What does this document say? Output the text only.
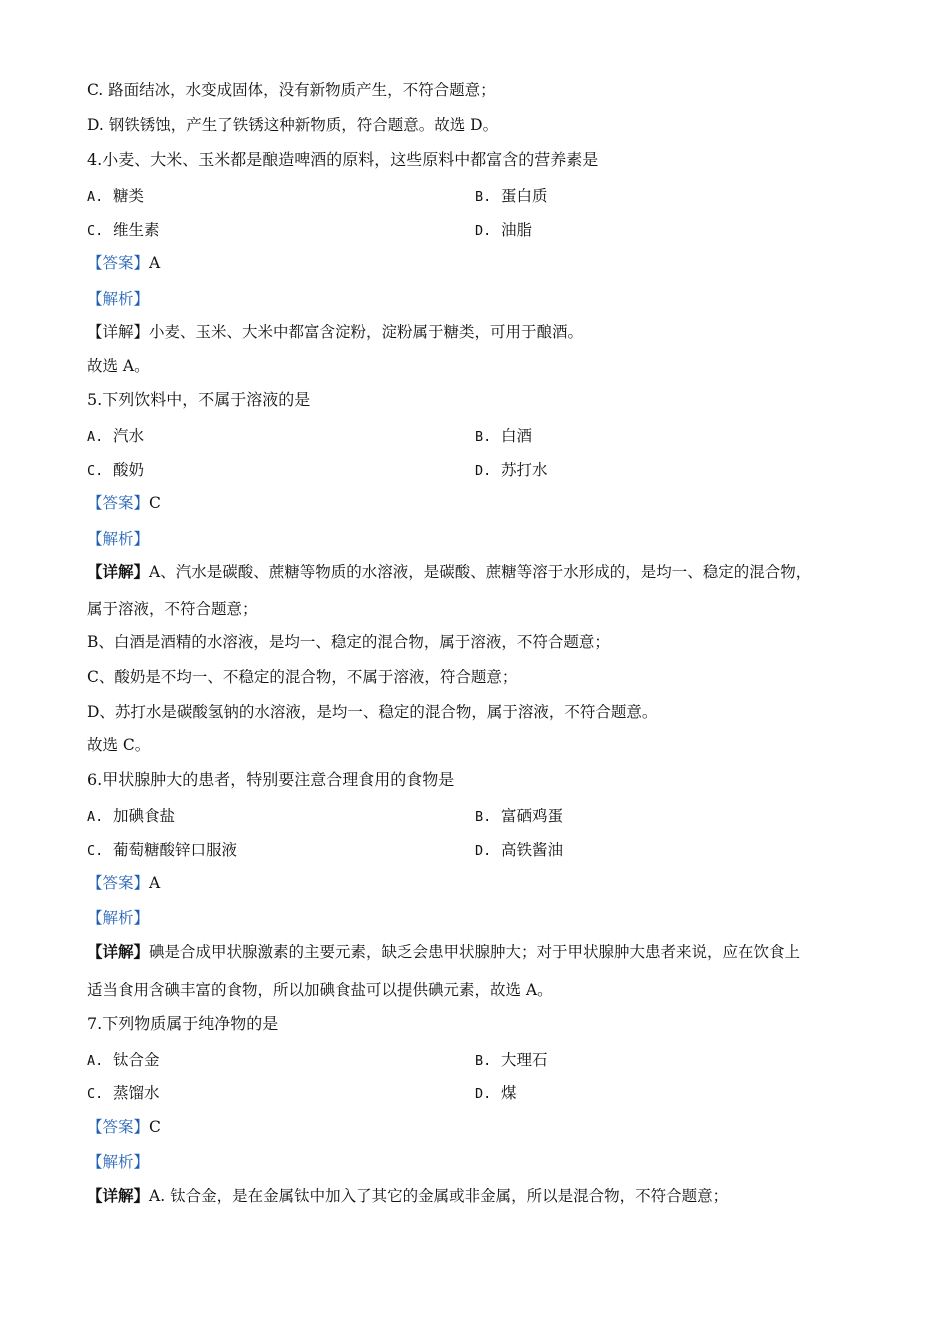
C. 路面结冰，水变成固体，没有新物质产生，不符合题意；
D. 钢铁锈蚀，产生了铁锈这种新物质，符合题意。故选 D。
4.小麦、大米、玉米都是酿造啤酒的原料，这些原料中都富含的营养素是
A. 糖类	B. 蛋白质
C. 维生素	D. 油脂
【答案】A
【解析】
【详解】小麦、玉米、大米中都富含淀粉，淀粉属于糖类，可用于酿酒。
故选 A。
5.下列饮料中，不属于溶液的是
A. 汽水	B. 白酒
C. 酸奶	D. 苏打水
【答案】C
【解析】
【详解】A、汽水是碳酸、蔗糖等物质的水溶液，是碳酸、蔗糖等溶于水形成的，是均一、稳定的混合物，
属于溶液，不符合题意；
B、白酒是酒精的水溶液，是均一、稳定的混合物，属于溶液，不符合题意；
C、酸奶是不均一、不稳定的混合物，不属于溶液，符合题意；
D、苏打水是碳酸氢钠的水溶液，是均一、稳定的混合物，属于溶液，不符合题意。
故选 C。
6.甲状腺肿大的患者，特别要注意合理食用的食物是
A. 加碘食盐	B. 富硒鸡蛋
C. 葡萄糖酸锌口服液	D. 高铁酱油
【答案】A
【解析】
【详解】碘是合成甲状腺激素的主要元素，缺乏会患甲状腺肿大；对于甲状腺肿大患者来说，应在饮食上
适当食用含碘丰富的食物，所以加碘食盐可以提供碘元素，故选 A。
7.下列物质属于纯净物的是
A. 钛合金	B. 大理石
C. 蒸馏水	D. 煤
【答案】C
【解析】
【详解】A. 钛合金，是在金属钛中加入了其它的金属或非金属，所以是混合物，不符合题意；
